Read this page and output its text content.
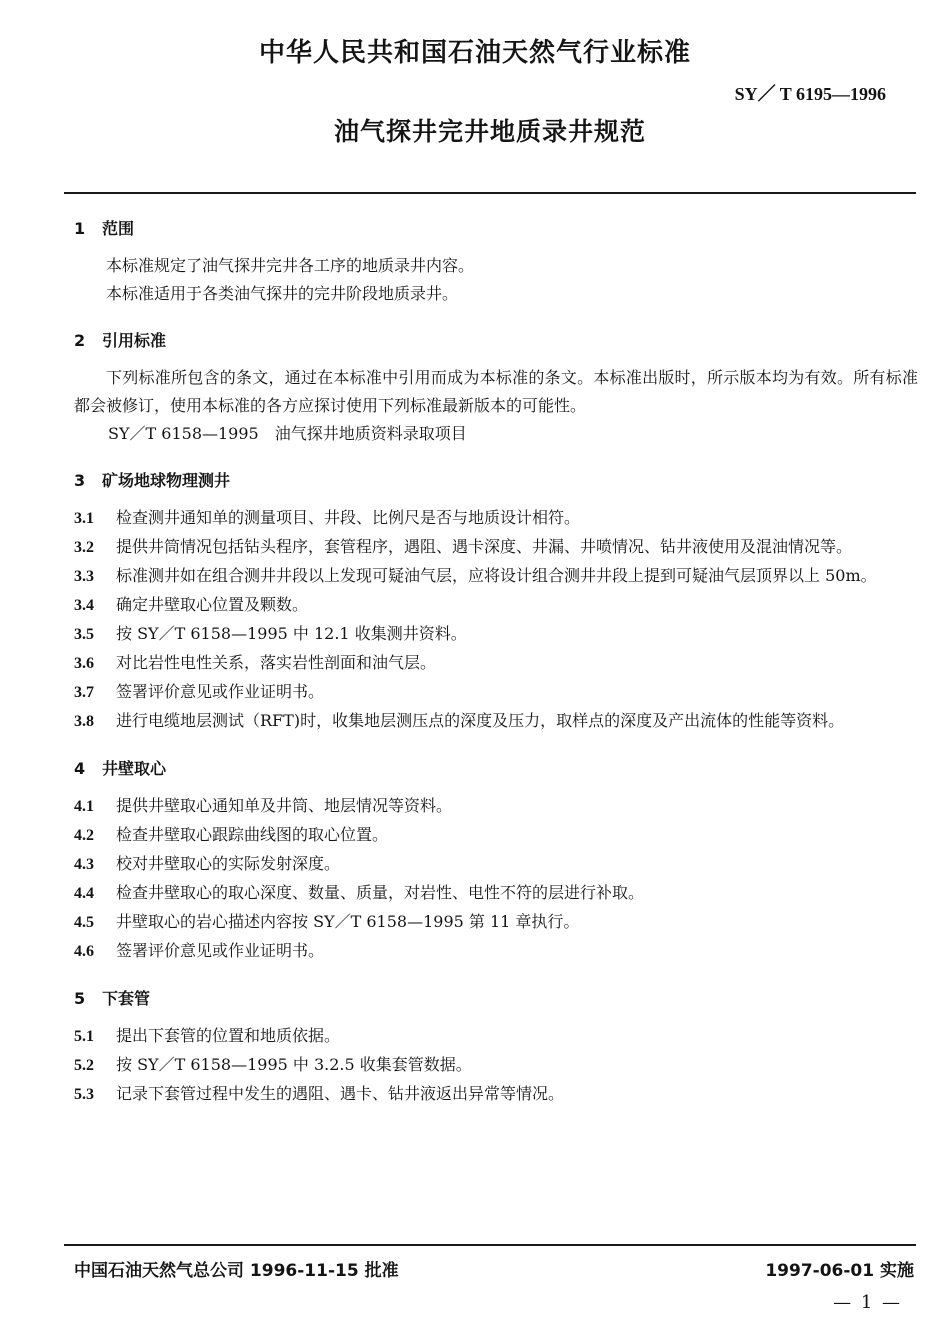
中华人民共和国石油天然气行业标准
SY／ T 6195—1996
油气探井完井地质录井规范
1 范围

本标准规定了油气探井完井各工序的地质录井内容。

本标准适用于各类油气探井的完井阶段地质录井。

2 引用标准

下列标准所包含的条文，通过在本标准中引用而成为本标准的条文。本标准出版时，所示版本均为有效。所有标准都会被修订，使用本标准的各方应探讨使用下列标准最新版本的可能性。

SY／T 6158—1995　油气探井地质资料录取项目

3 矿场地球物理测井

3.1 检查测井通知单的测量项目、井段、比例尺是否与地质设计相符。

3.2 提供井筒情况包括钻头程序，套管程序，遇阻、遇卡深度、井漏、井喷情况、钻井液使用及混油情况等。

3.3 标准测井如在组合测井井段以上发现可疑油气层，应将设计组合测井井段上提到可疑油气层顶界以上 50m。

3.4 确定井壁取心位置及颗数。

3.5 按 SY／T 6158—1995 中 12.1 收集测井资料。

3.6 对比岩性电性关系，落实岩性剖面和油气层。

3.7 签署评价意见或作业证明书。

3.8 进行电缆地层测试（RFT)时，收集地层测压点的深度及压力，取样点的深度及产出流体的性能等资料。

4 井壁取心

4.1 提供井壁取心通知单及井筒、地层情况等资料。

4.2 检查井壁取心跟踪曲线图的取心位置。

4.3 校对井壁取心的实际发射深度。

4.4 检查井壁取心的取心深度、数量、质量，对岩性、电性不符的层进行补取。

4.5 井壁取心的岩心描述内容按 SY／T 6158—1995 第 11 章执行。

4.6 签署评价意见或作业证明书。

5 下套管

5.1 提出下套管的位置和地质依据。

5.2 按 SY／T 6158—1995 中 3.2.5 收集套管数据。

5.3 记录下套管过程中发生的遇阻、遇卡、钻井液返出异常等情况。

中国石油天然气总公司 1996-11-15 批准	1997-06-01 实施
— 1 —
